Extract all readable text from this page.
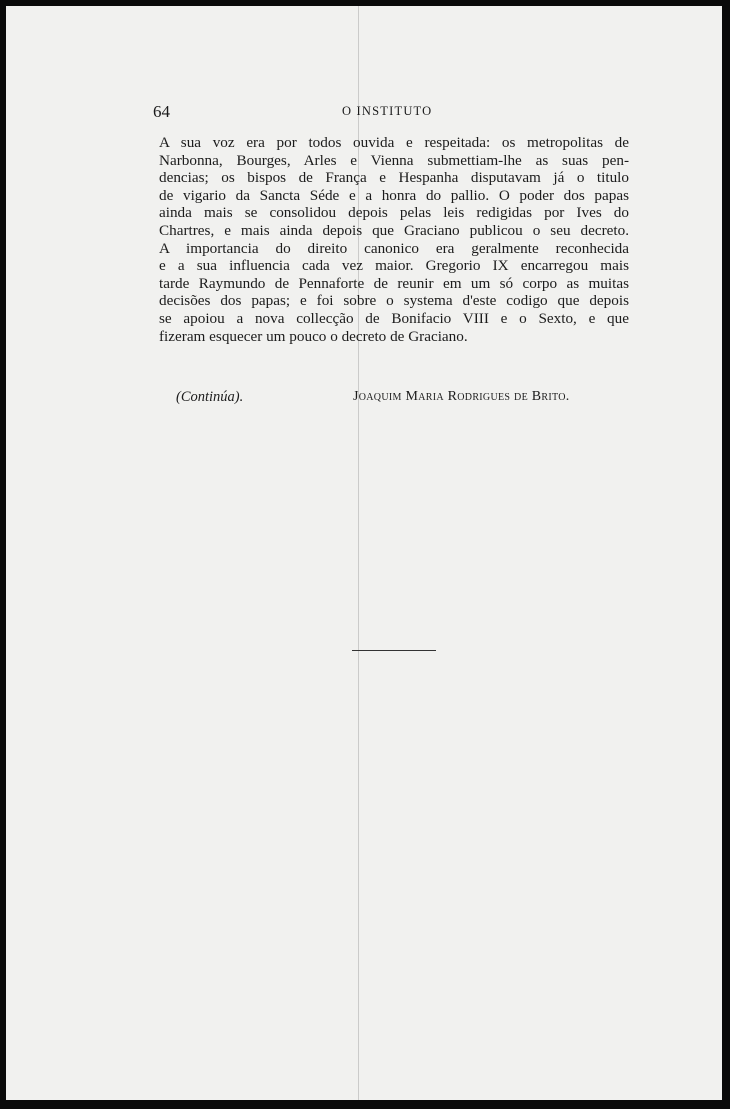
64	O INSTITUTO
A sua voz era por todos ouvida e respeitada: os metropolitas de
Narbonna, Bourges, Arles e Vienna submettiam-lhe as suas pen-
dencias; os bispos de França e Hespanha disputavam já o titulo
de vigario da Sancta Séde e a honra do pallio. O poder dos papas
ainda mais se consolidou depois pelas leis redigidas por Ives do
Chartres, e mais ainda depois que Graciano publicou o seu decreto.
A importancia do direito canonico era geralmente reconhecida
e a sua influencia cada vez maior. Gregorio IX encarregou mais
tarde Raymundo de Pennaforte de reunir em um só corpo as muitas
decisões dos papas; e foi sobre o systema d'este codigo que depois
se apoiou a nova collecção de Bonifacio VIII e o Sexto, e que
fizeram esquecer um pouco o decreto de Graciano.
(Continúa).	Joaquim Maria Rodrigues de Brito.
